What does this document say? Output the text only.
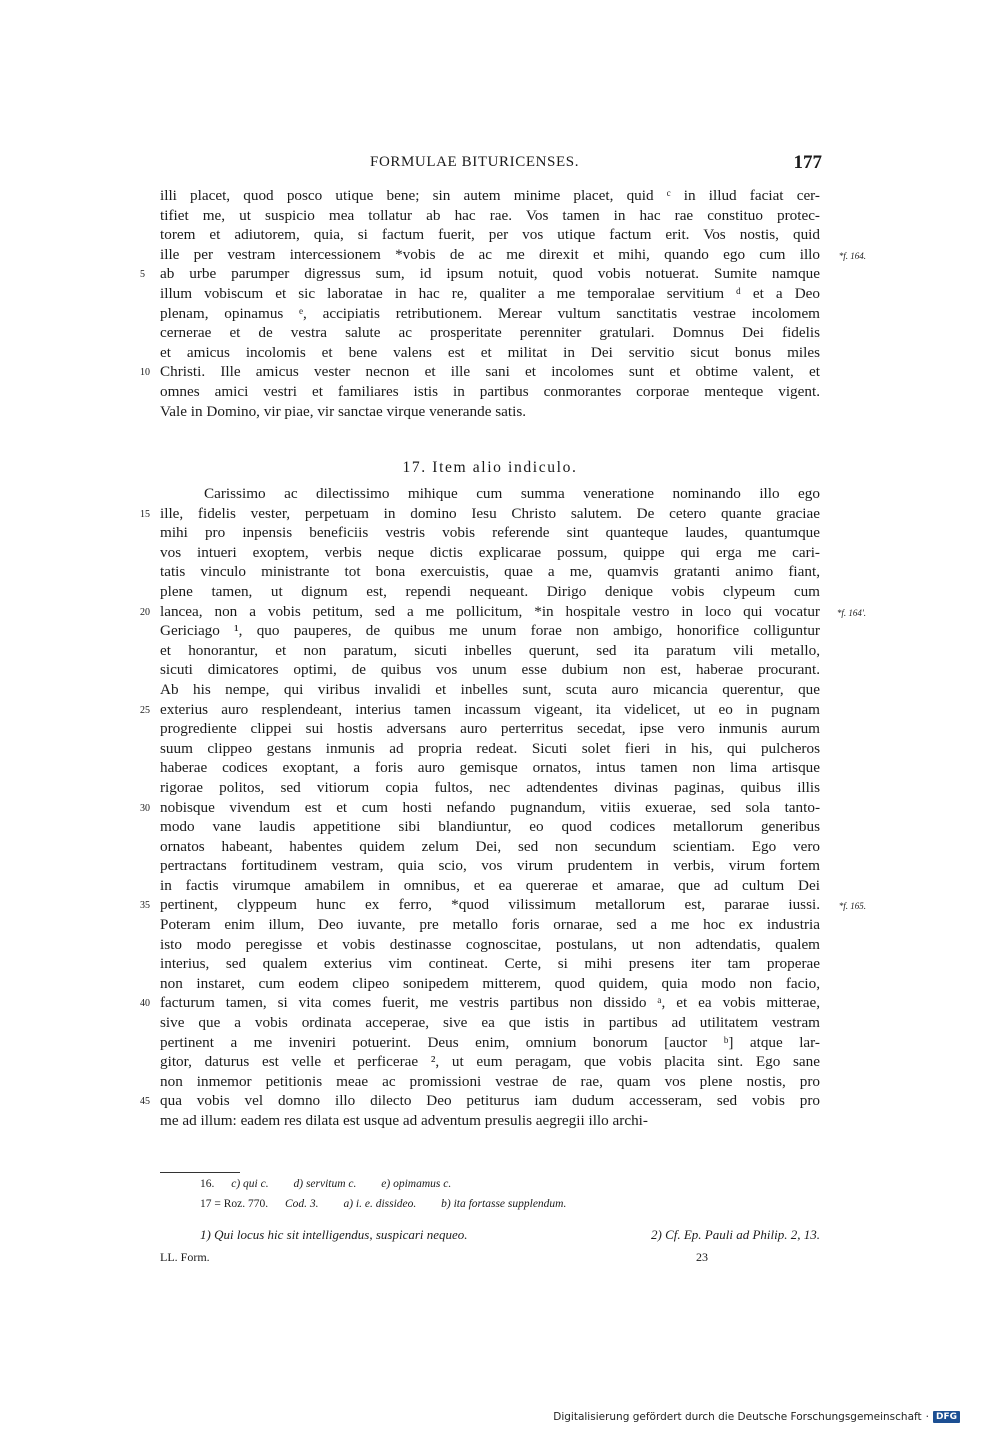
FORMULAE BITURICENSES.	177
illi placet, quod posco utique bene; sin autem minime placet, quid ᶜ in illud faciat cer-
tifiet me, ut suspicio mea tollatur ab hac rae. Vos tamen in hac rae constituo protec-
torem et adiutorem, quia, si factum fuerit, per vos utique factum erit. Vos nostis, quid
ille per vestram intercessionem *vobis de ac me direxit et mihi, quando ego cum illo *f. 164.
ab urbe parumper digressus sum, id ipsum notuit, quod vobis notuerat. Sumite namque
5
illum vobiscum et sic laboratae in hac re, qualiter a me temporalae servitium ᵈ et a Deo
plenam, opinamus ᵉ, accipiatis retributionem. Merear vultum sanctitatis vestrae incolomem
cernerae et de vestra salute ac prosperitate perenniter gratulari. Domnus Dei fidelis
et amicus incolomis et bene valens est et militat in Dei servitio sicut bonus miles
Christi. Ille amicus vester necnon et ille sani et incolomes sunt et obtime valent, et
10
omnes amici vestri et familiares istis in partibus conmorantes corporae menteque vigent.
Vale in Domino, vir piae, vir sanctae virque venerande satis.
17. Item alio indiculo.
Carissimo ac dilectissimo mihique cum summa veneratione nominando illo ego
ille, fidelis vester, perpetuam in domino Iesu Christo salutem. De cetero quante graciae
15
mihi pro inpensis beneficiis vestris vobis referende sint quanteque laudes, quantumque
vos intueri exoptem, verbis neque dictis explicarae possum, quippe qui erga me cari-
tatis vinculo ministrante tot bona exercuistis, quae a me, quamvis gratanti animo fiant,
plene tamen, ut dignum est, rependi nequeant. Dirigo denique vobis clypeum cum
lancea, non a vobis petitum, sed a me pollicitum, *in hospitale vestro in loco qui vocatur
20	*f. 164'.
Gericiago ¹, quo pauperes, de quibus me unum forae non ambigo, honorifice colliguntur
et honorantur, et non paratum, sicuti inbelles querunt, sed ita paratum vili metallo,
sicuti dimicatores optimi, de quibus vos unum esse dubium non est, haberae procurant.
Ab his nempe, qui viribus invalidi et inbelles sunt, scuta auro micancia querentur, que
exterius auro resplendeant, interius tamen incassum vigeant, ita videlicet, ut eo in pugnam
25
progrediente clippei sui hostis adversans auro perterritus secedat, ipse vero inmunis aurum
suum clippeo gestans inmunis ad propria redeat. Sicuti solet fieri in his, qui pulcheros
haberae codices exoptant, a foris auro gemisque ornatos, intus tamen non lima artisque
rigorae politos, sed vitiorum copia fultos, nec adtendentes divinas paginas, quibus illis
nobisque vivendum est et cum hosti nefando pugnandum, vitiis exuerae, sed sola tanto-
30
modo vane laudis appetitione sibi blandiuntur, eo quod codices metallorum generibus
ornatos habeant, habentes quidem zelum Dei, sed non secundum scientiam. Ego vero
pertractans fortitudinem vestram, quia scio, vos virum prudentem in verbis, virum fortem
in factis virumque amabilem in omnibus, et ea quererae et amarae, que ad cultum Dei
pertinent, clyppeum hunc ex ferro, *quod vilissimum metallorum est, pararae iussi.
35	*f. 165.
Poteram enim illum, Deo iuvante, pre metallo foris ornarae, sed a me hoc ex industria
isto modo peregisse et vobis destinasse cognoscitae, postulans, ut non adtendatis, qualem
interius, sed qualem exterius vim contineat. Certe, si mihi presens iter tam properae
non instaret, cum eodem clipeo sonipedem mitterem, quod quidem, quia modo non facio,
facturum tamen, si vita comes fuerit, me vestris partibus non dissido ᵃ, et ea vobis mitterae,
40
sive que a vobis ordinata acceperae, sive ea que istis in partibus ad utilitatem vestram
pertinent a me inveniri potuerint. Deus enim, omnium bonorum [auctor ᵇ] atque lar-
gitor, daturus est velle et perficerae ², ut eum peragam, que vobis placita sint. Ego sane
non inmemor petitionis meae ac promissioni vestrae de rae, quam vos plene nostis, pro
qua vobis vel domno illo dilecto Deo petiturus iam dudum accesseram, sed vobis pro
45
me ad illum: eadem res dilata est usque ad adventum presulis aegregii illo archi-
16. c) qui c. d) servitum c. e) opimamus c.
17 = Roz. 770. Cod. 3. a) i. e. dissideo. b) ita fortasse supplendum.
1) Qui locus hic sit intelligendus, suspicari nequeo.	2) Cf. Ep. Pauli ad Philip. 2, 13.
LL. Form.	23
Digitalisierung gefördert durch die Deutsche Forschungsgemeinschaft · DFG
